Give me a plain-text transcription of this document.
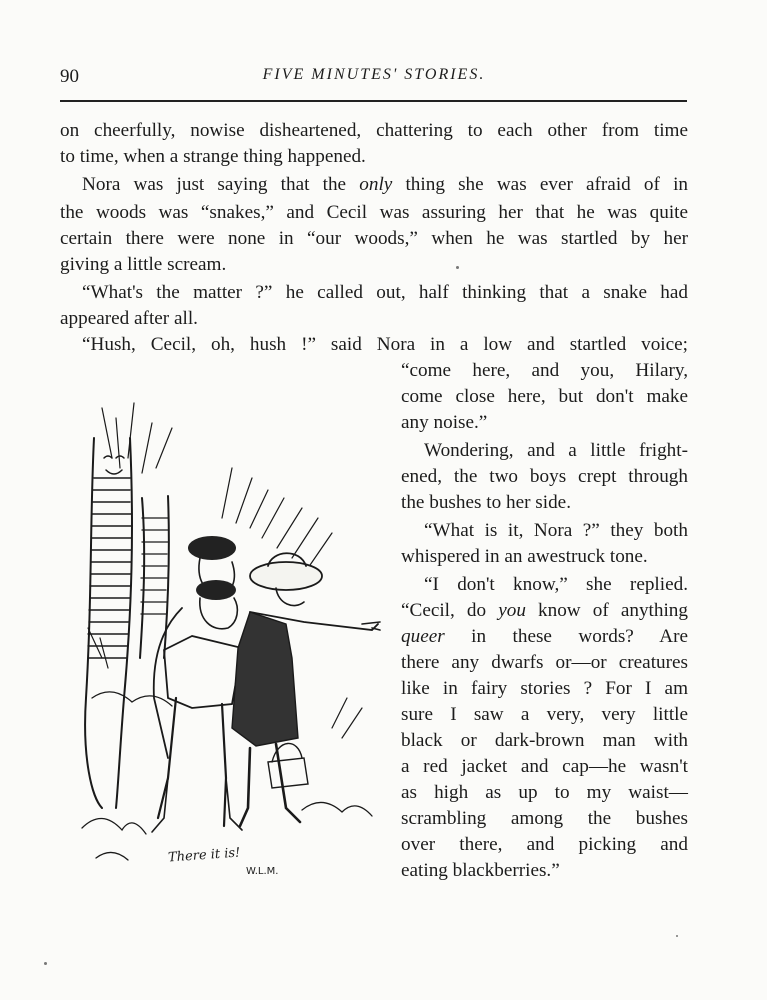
90	FIVE MINUTES' STORIES.
on cheerfully, nowise disheartened, chattering to each other from time
to time, when a strange thing happened.
Nora was just saying that the only thing she was ever afraid of in
the woods was “snakes,” and Cecil was assuring her that he was quite
certain there were none in “our woods,” when he was startled by her
giving a little scream.
“What's the matter ?” he called out, half thinking that a snake had
appeared after all.
“Hush, Cecil, oh, hush !” said Nora in a low and startled voice;
“come here, and you, Hilary,
come close here, but don't make
any noise.”
Wondering, and a little fright-
ened, the two boys crept through
the bushes to her side.
“What is it, Nora ?” they both
whispered in an awestruck tone.
“I don't know,” she replied.
“Cecil, do you know of anything
queer in these words? Are
there any dwarfs or—or creatures
like in fairy stories ? For I am
sure I saw a very, very little
black or dark-brown man with
a red jacket and cap—he wasn't
as high as up to my waist—
scrambling among the bushes
over there, and picking and
eating blackberries.”
There it is!
W.L.M.
